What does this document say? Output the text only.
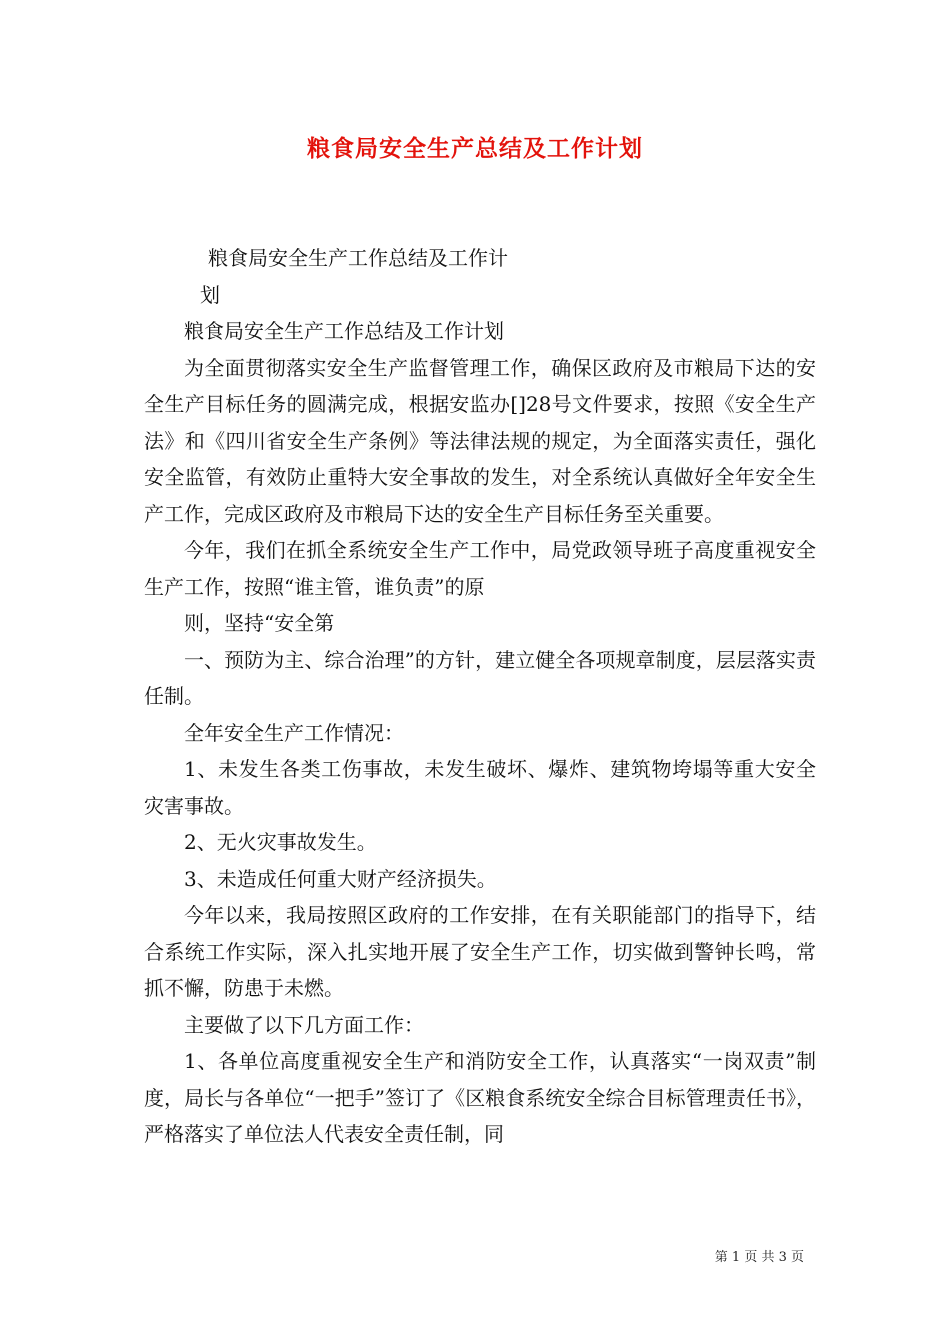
粮食局安全生产总结及工作计划

粮食局安全生产工作总结及工作计

划

粮食局安全生产工作总结及工作计划

为全面贯彻落实安全生产监督管理工作，确保区政府及市粮局下达的安全生产目标任务的圆满完成，根据安监办[]28号文件要求，按照《安全生产法》和《四川省安全生产条例》等法律法规的规定，为全面落实责任，强化安全监管，有效防止重特大安全事故的发生，对全系统认真做好全年安全生产工作，完成区政府及市粮局下达的安全生产目标任务至关重要。

今年，我们在抓全系统安全生产工作中，局党政领导班子高度重视安全生产工作，按照“谁主管，谁负责”的原

则，坚持“安全第

一、预防为主、综合治理”的方针，建立健全各项规章制度，层层落实责任制。

全年安全生产工作情况：

1、未发生各类工伤事故，未发生破坏、爆炸、建筑物垮塌等重大安全灾害事故。

2、无火灾事故发生。

3、未造成任何重大财产经济损失。

今年以来，我局按照区政府的工作安排，在有关职能部门的指导下，结合系统工作实际，深入扎实地开展了安全生产工作，切实做到警钟长鸣，常抓不懈，防患于未燃。

主要做了以下几方面工作：

1、各单位高度重视安全生产和消防安全工作，认真落实“一岗双责”制度，局长与各单位“一把手”签订了《区粮食系统安全综合目标管理责任书》，严格落实了单位法人代表安全责任制，同

第 1 页 共 3 页
